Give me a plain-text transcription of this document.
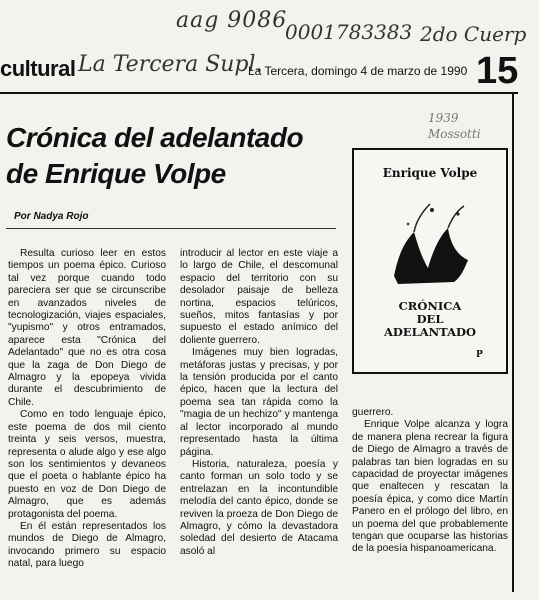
aag 9086
0001783383 2do Cuerp
La Tercera Supl.
1939
Mossotti
cultural	La Tercera, domingo 4 de marzo de 1990 15
Crónica del adelantado
de Enrique Volpe
Por Nadya Rojo

Resulta curioso leer en estos tiempos un poema épico. Curioso tal vez porque cuando todo pareciera ser que se circunscribe en avanzados niveles de tecnologización, viajes espaciales, "yupismo" y otros entramados, aparece esta "Crónica del Adelantado" que no es otra cosa que la zaga de Don Diego de Almagro y la epopeya vivida durante el descubrimiento de Chile.

Como en todo lenguaje épico, este poema de dos mil ciento treinta y seis versos, muestra, representa o alude algo y ese algo son los sentimientos y devaneos que el poeta o hablante épico ha puesto en voz de Don Diego de Almagro, que es además protagonista del poema.

En él están representados los mundos de Diego de Almagro, invocando primero su espacio natal, para luego

introducir al lector en este viaje a lo largo de Chile, el descomunal espacio del territorio con su desolador paisaje de belleza nortina, espacios telúricos, sueños, mitos fantasías y por supuesto el estado anímico del doliente guerrero.

Imágenes muy bien logradas, metáforas justas y precisas, y por la tensión producida por el canto épico, hacen que la lectura del poema sea tan rápida como la "magia de un hechizo" y mantenga al lector incorporado al mundo representado hasta la última página.

Historia, naturaleza, poesía y canto forman un solo todo y se entrelazan en la incontundible melodía del canto épico, donde se reviven la proeza de Don Diego de Almagro, y cómo la devastadora soledad del desierto de Atacama asoló al

guerrero.

Enrique Volpe alcanza y logra de manera plena recrear la figura de Diego de Almagro a través de palabras tan bien logradas en su capacidad de proyectar imágenes que enaltecen y rescatan la poesía épica, y como dice Martín Panero en el prólogo del libro, en un poema del que probablemente tengan que ocuparse las historias de la poesía hispanoamericana.

Enrique Volpe
CRÓNICA
DEL
ADELANTADO
P
